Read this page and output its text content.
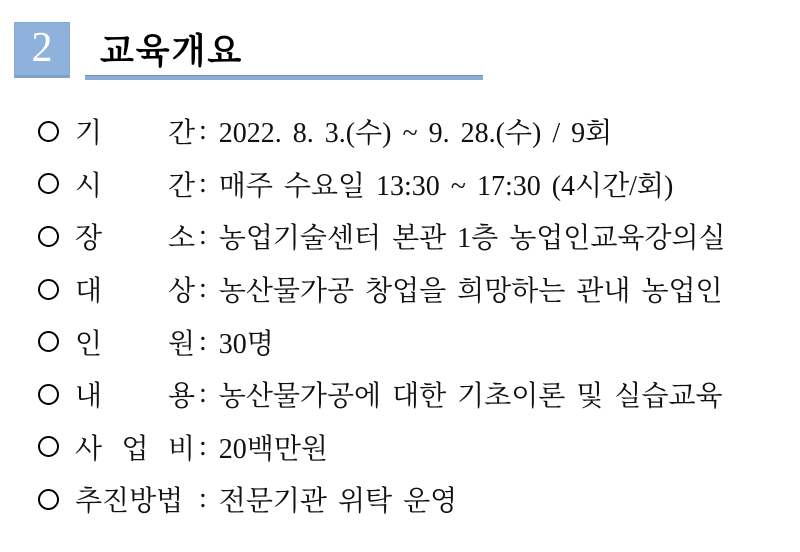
2 교육개요
기 간 : 2022. 8. 3.(수) ~ 9. 28.(수) / 9회
시 간 : 매주 수요일 13:30 ~ 17:30 (4시간/회)
장 소 : 농업기술센터 본관 1층 농업인교육강의실
대 상 : 농산물가공 창업을 희망하는 관내 농업인
인 원 : 30명
내 용 : 농산물가공에 대한 기초이론 및 실습교육
사 업 비 : 20백만원
추진방법 : 전문기관 위탁 운영
